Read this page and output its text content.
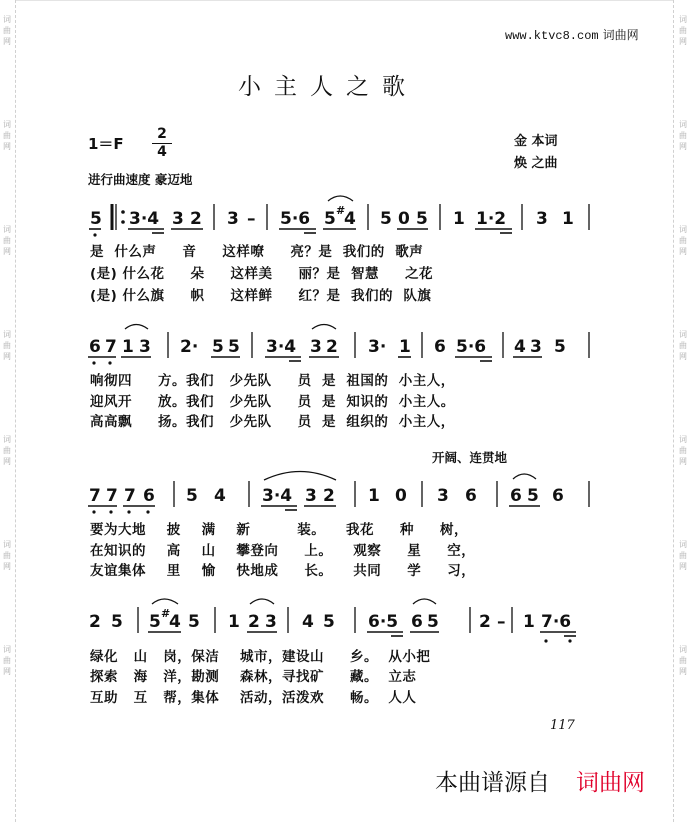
词
曲
网
词
曲
网
词
曲
网
词
曲
网
词
曲
网
词
曲
网
词
曲
网
词
曲
网
词
曲
网
词
曲
网
词
曲
网
词
曲
网
词
曲
网
词
曲
网
www.ktvc8.com 词曲网
小主人之歌
1＝F
2
4
金 本词
焕 之曲
进行曲速度 豪迈地
开阔、连贯地
5 3·4 3 2 3 – 5·6 5 #
4 5 0 5 1 1·2 3 1
6 7 1 3 2· 5 5 3·4 3 2 3· 1 6 5·6 4 3 5
7 7 7 6 5 4 3·4 3 2 1 0 3 6 6 5 6
2 5 5 #
4 5 1 2 3 4 5 6·5 6 5 2 – 1 7·6
是  什么声     音     这样嘹     亮？是  我们的  歌声
(是) 什么花     朵     这样美     丽？是  智慧     之花
(是) 什么旗     帜     这样鲜     红？是  我们的  队旗
响彻四     方。我们   少先队     员  是  祖国的  小主人，
迎风开     放。我们   少先队     员  是  知识的  小主人。
高高飘     扬。我们   少先队     员  是  组织的  小主人，
要为大地    披    满    新         装。    我花     种     树，
在知识的    高    山    攀登向     上。    观察     星     空，
友谊集体    里    愉    快地成     长。    共同     学     习，
绿化   山   岗，保洁    城市，建设山     乡。  从小把
探索   海   洋，勘测    森林，寻找矿     藏。  立志
互助   互   帮，集体    活动，活泼欢     畅。  人人
117
本曲谱源自 词曲网
